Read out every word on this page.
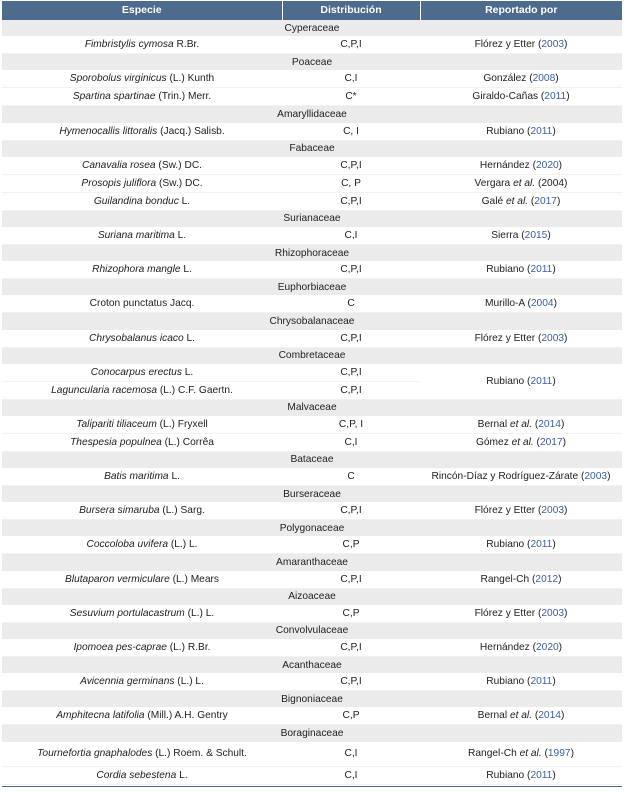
Especie	Distribución	Reportado por
Cyperaceae		
Fimbristylis cymosa R.Br.	C,P,I	Flórez y Etter (2003)
Poaceae		
Sporobolus virginicus (L.) Kunth	C,I	González (2008)
Spartina spartinae (Trin.) Merr.	C*	Giraldo-Cañas (2011)
Amaryllidaceae		
Hymenocallis littoralis (Jacq.) Salisb.	C, I	Rubiano (2011)
Fabaceae		
Canavalia rosea (Sw.) DC.	C,P,I	Hernández (2020)
Prosopis juliflora (Sw.) DC.	C, P	Vergara et al. (2004)
Guilandina bonduc L.	C,P,I	Galé et al. (2017)
Surianaceae		
Suriana maritima L.	C,I	Sierra (2015)
Rhizophoraceae		
Rhizophora mangle L.	C,P,I	Rubiano (2011)
Euphorbiaceae		
Croton punctatus Jacq.	C	Murillo-A (2004)
Chrysobalanaceae		
Chrysobalanus icaco L.	C,P,I	Flórez y Etter (2003)
Combretaceae		
Conocarpus erectus L.	C,P,I	Rubiano (2011)
Laguncularia racemosa (L.) C.F. Gaertn.	C,P,I	
Malvaceae		
Talipariti tiliaceum (L.) Fryxell	C,P, I	Bernal et al. (2014)
Thespesia populnea (L.) Corrêa	C,I	Gómez et al. (2017)
Bataceae		
Batis maritima L.	C	Rincón-Díaz y Rodríguez-Zárate (2003)
Burseraceae		
Bursera simaruba (L.) Sarg.	C,P,I	Flórez y Etter (2003)
Polygonaceae		
Coccoloba uvifera (L.) L.	C,P	Rubiano (2011)
Amaranthaceae		
Blutaparon vermiculare (L.) Mears	C,P,I	Rangel-Ch (2012)
Aizoaceae		
Sesuvium portulacastrum (L.) L.	C,P	Flórez y Etter (2003)
Convolvulaceae		
Ipomoea pes-caprae (L.) R.Br.	C,P,I	Hernández (2020)
Acanthaceae		
Avicennia germinans (L.) L.	C,P,I	Rubiano (2011)
Bignoniaceae		
Amphitecna latifolia (Mill.) A.H. Gentry	C,P	Bernal et al. (2014)
Boraginaceae		
Tournefortia gnaphalodes (L.) Roem. & Schult.	C,I	Rangel-Ch et al. (1997)
Cordia sebestena L.	C,I	Rubiano (2011)
